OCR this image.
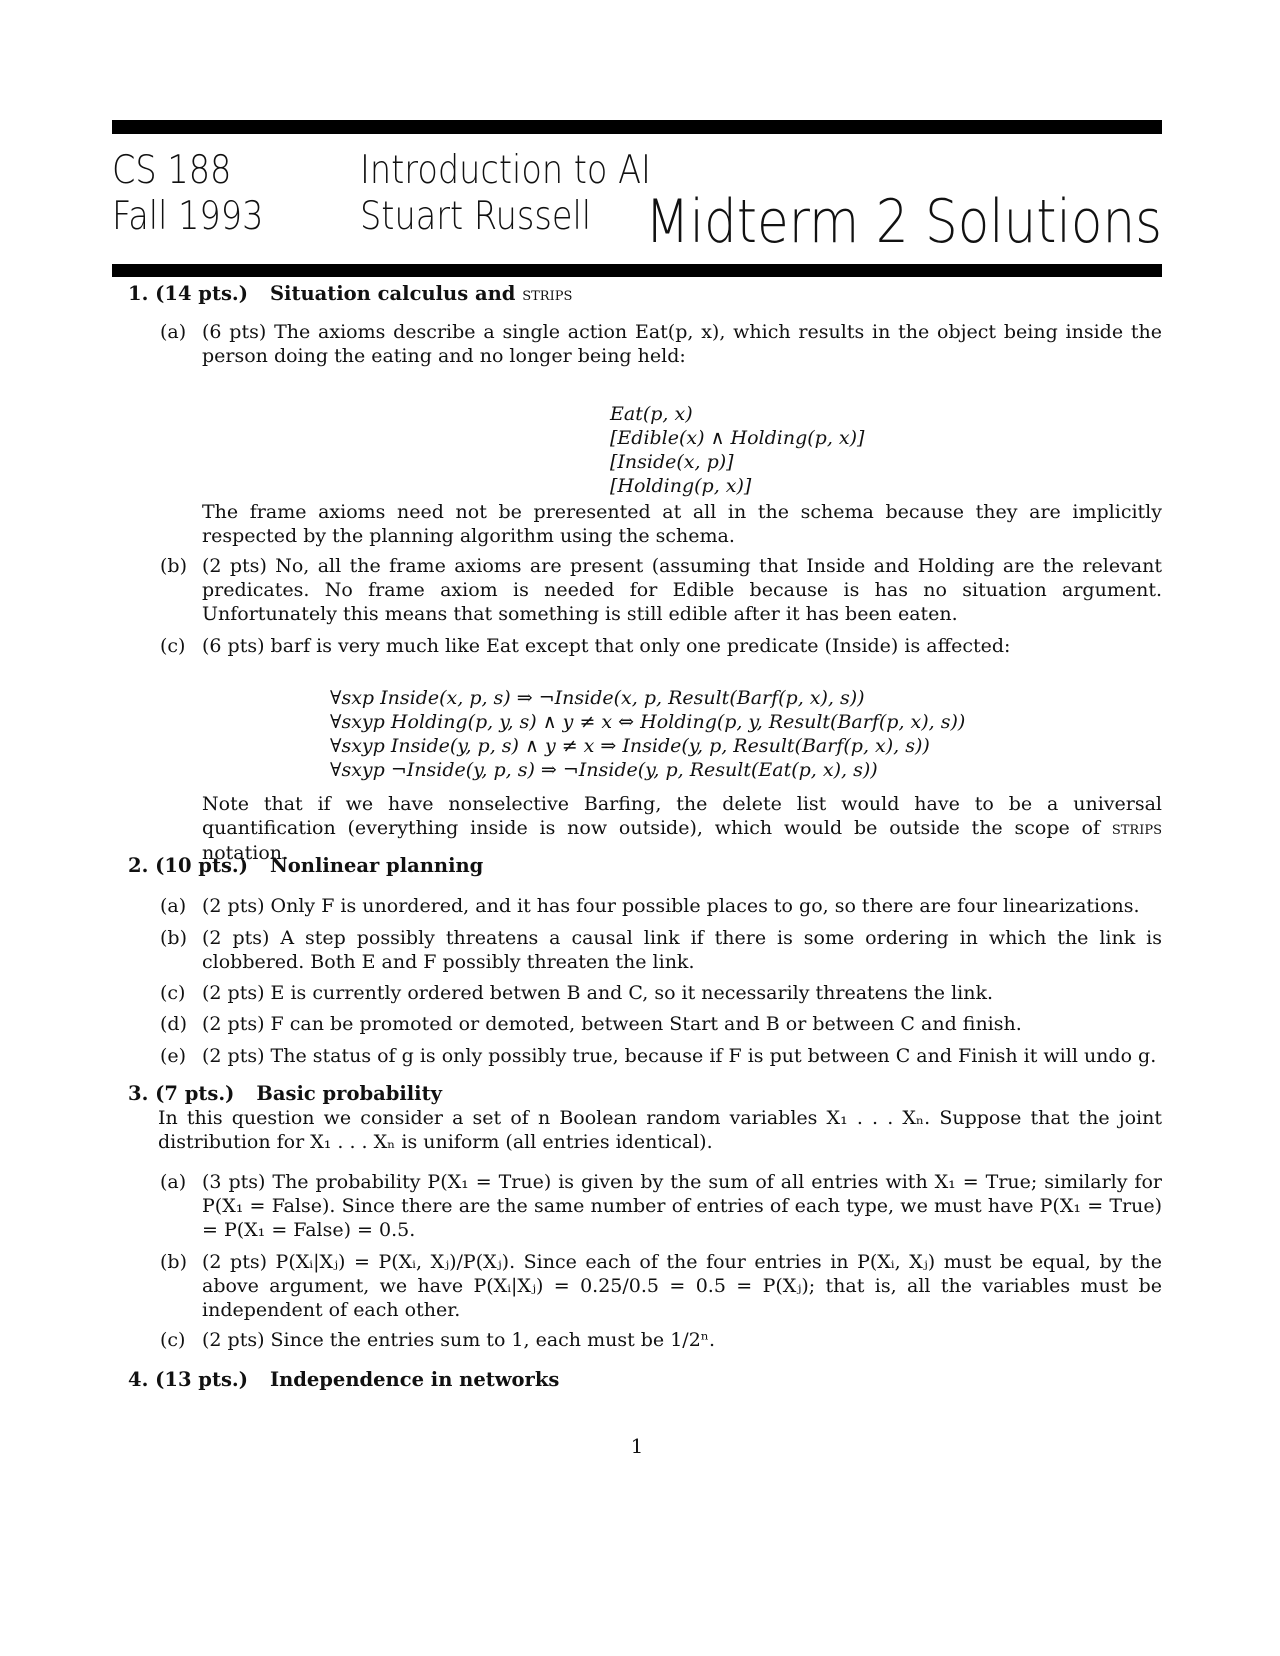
CS 188
Fall 1993
Introduction to AI
Stuart Russell Midterm 2 Solutions
1. (14 pts.) Situation calculus and strips
(a) (6 pts) The axioms describe a single action Eat(p, x), which results in the object being inside the person doing the eating and no longer being held:
Eat(p, x)
[Edible(x) ∧ Holding(p, x)]
[Inside(x, p)]
[Holding(p, x)]
The frame axioms need not be preresented at all in the schema because they are implicitly respected by the planning algorithm using the schema.
(b) (2 pts) No, all the frame axioms are present (assuming that Inside and Holding are the relevant predicates. No frame axiom is needed for Edible because is has no situation argument. Unfortunately this means that something is still edible after it has been eaten.
(c) (6 pts) barf is very much like Eat except that only one predicate (Inside) is affected:
∀sxp Inside(x, p, s) ⇒ ¬Inside(x, p, Result(Barf(p, x), s))
∀sxyp Holding(p, y, s) ∧ y ≠ x ⇔ Holding(p, y, Result(Barf(p, x), s))
∀sxyp Inside(y, p, s) ∧ y ≠ x ⇒ Inside(y, p, Result(Barf(p, x), s))
∀sxyp ¬Inside(y, p, s) ⇒ ¬Inside(y, p, Result(Eat(p, x), s))
Note that if we have nonselective Barfing, the delete list would have to be a universal quantification (everything inside is now outside), which would be outside the scope of strips notation.
2. (10 pts.) Nonlinear planning
(a) (2 pts) Only F is unordered, and it has four possible places to go, so there are four linearizations.
(b) (2 pts) A step possibly threatens a causal link if there is some ordering in which the link is clobbered. Both E and F possibly threaten the link.
(c) (2 pts) E is currently ordered betwen B and C, so it necessarily threatens the link.
(d) (2 pts) F can be promoted or demoted, between Start and B or between C and finish.
(e) (2 pts) The status of g is only possibly true, because if F is put between C and Finish it will undo g.
3. (7 pts.) Basic probability
In this question we consider a set of n Boolean random variables X₁ . . . Xₙ. Suppose that the joint distribution for X₁ . . . Xₙ is uniform (all entries identical).
(a) (3 pts) The probability P(X₁ = True) is given by the sum of all entries with X₁ = True; similarly for P(X₁ = False). Since there are the same number of entries of each type, we must have P(X₁ = True) = P(X₁ = False) = 0.5.
(b) (2 pts) P(Xᵢ|Xⱼ) = P(Xᵢ, Xⱼ)/P(Xⱼ). Since each of the four entries in P(Xᵢ, Xⱼ) must be equal, by the above argument, we have P(Xᵢ|Xⱼ) = 0.25/0.5 = 0.5 = P(Xⱼ); that is, all the variables must be independent of each other.
(c) (2 pts) Since the entries sum to 1, each must be 1/2ⁿ.
4. (13 pts.) Independence in networks
1
